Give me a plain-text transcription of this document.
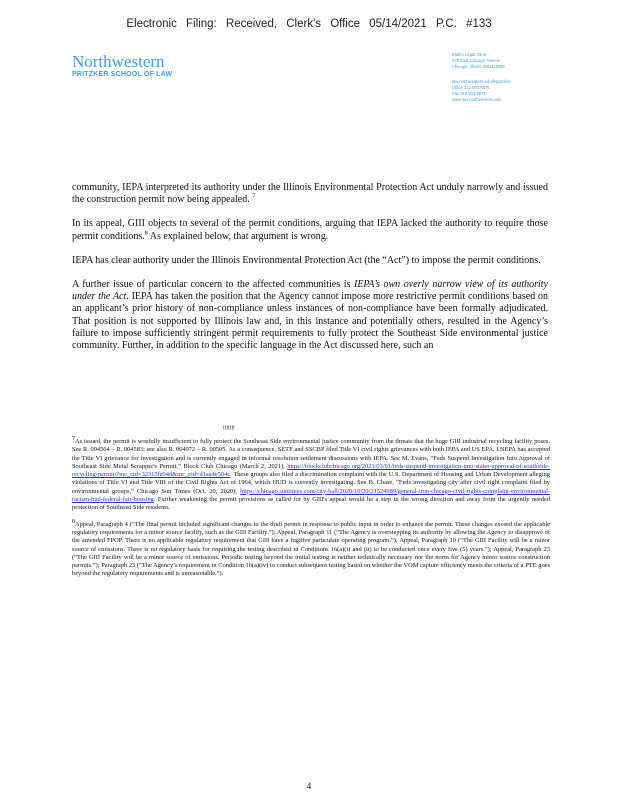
Electronic Filing: Received, Clerk's Office 05/14/2021 P.C. #133
Northwestern
PRITZKER SCHOOL OF LAW
Bluhm Legal Clinic
375 East Chicago Avenue
Chicago, Illinois 60611-3069
law.northwestern.edu/legalclinic
Office 312.503.8576
Fax 312.503.8977
www.law.northwestern.edu

community, IEPA interpreted its authority under the Illinois Environmental Protection Act unduly narrowly and issued the construction permit now being appealed. $^7$

In its appeal, GIII objects to several of the permit conditions, arguing that IEPA lacked the authority to require those permit conditions.$^8$ As explained below, that argument is wrong.

IEPA has clear authority under the Illinois Environmental Protection Act (the “Act”) to impose the permit conditions.

A further issue of particular concern to the affected communities is IEPA’s own overly narrow view of its authority under the Act. IEPA has taken the position that the Agency cannot impose more restrictive permit conditions based on an applicant’s prior history of non-compliance unless instances of non-compliance have been formally adjudicated. That position is not supported by Illinois law and, in this instance and potentially others, resulted in the Agency’s failure to impose sufficiently stringent permit requirements to fully protect the Southeast Side environmental justice community. Further, in addition to the specific language in the Act discussed here, such an

!!!!!!!

$^7$As issued, the permit is woefully insufficient to fully protect the Southeast Side environmental justice community from the threats that the huge GIII industrial recycling facility poses. See R. 004564 – R. 004583; see also R. 004972 – R. 00505. As a consequence, SETF and SSCBP filed Title VI civil rights grievances with both IEPA and US EPA. USEPA has accepted the Title VI grievance for investigation and is currently engaged in informal resolution settlement discussions with IEPA. See M. Evans, “Feds Suspend Investigation Into Approval of Southeast Side Metal Scrapper's Permit,” Block Club Chicago (March 2, 2021), https://blockclubchicago.org/2021/03/01/feds-suspend-investigation-into-states-approval-of-southside-recycling-permit/?mc_cid=32315fe04d&mc_eid=d1aa4e504c. These groups also filed a discrimination complaint with the U.S. Department of Housing and Urban Development alleging violations of Title VI and Title VIII of the Civil Rights Act of 1964, which HUD is currently investigating. See B. Chase, “Feds investigating city after civil right complaint filed by environmental groups,” Chicago Sun Times (Oct. 20, 2020), https://chicago.suntimes.com/city-hall/2020/10/20/21524989/general-iron-chicago-civil-rights-complaint-environmental-racism-hud-federal-fair-housing. Further weakening the permit provisions as called for by GIII's appeal would be a step in the wrong direction and away from the urgently needed protection of Southeast Side residents.

$^8$Appeal, Paragraph 4 (“The final permit included significant changes to the draft permit in response to public input in order to enhance the permit. These changes exceed the applicable regulatory requirements for a minor source facility, such as the GIII Facility.”); Appeal, Paragraph 11 (“The Agency is overstepping its authority by allowing the Agency to disapprove of the amended FPOP. There is no applicable regulatory requirement that GIII have a fugitive particulate operating program.”); Appeal, Paragraph 19 (“The GIII Facility will be a minor source of emissions. There is no regulatory basis for requiring the testing described in Conditions 16(a)(i) and (ii) to be conducted once every five (5) years.”); Appeal, Paragraph 23 (“The GIII Facility will be a minor source of emissions. Periodic testing beyond the initial testing is neither technically necessary nor the norm for Agency minor source construction permits.”); Paragraph 23 (“The Agency’s requirement in Condition 16(a)(iv) to conduct subsequent testing based on whether the VOM capture efficiency meets the criteria of a PTE goes beyond the regulatory requirements and is unreasonable.”).

4
